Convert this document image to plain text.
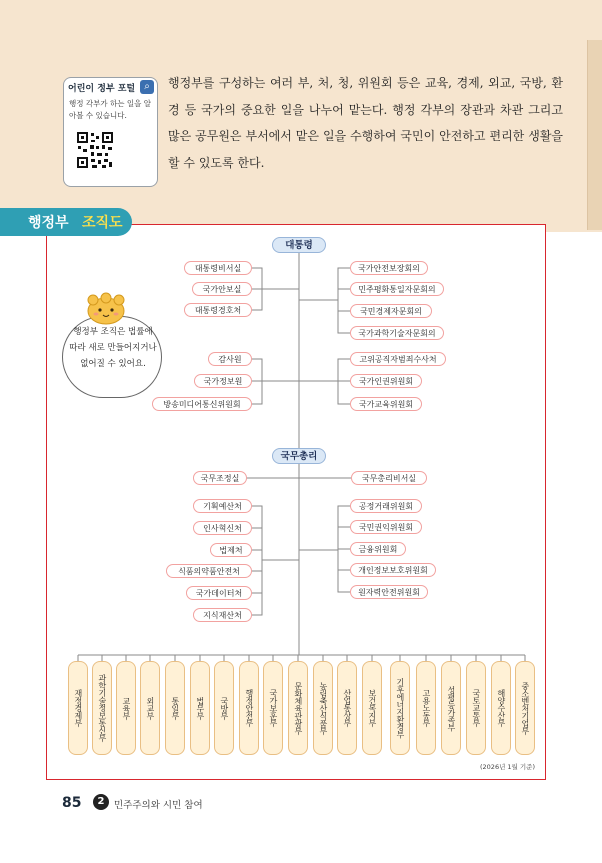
어린이 정부 포털 ⌕
행정 각부가 하는 일을 알아볼 수 있습니다.
행정부를 구성하는 여러 부, 처, 청, 위원회 등은 교육, 경제, 외교, 국방, 환경 등 국가의 중요한 일을 나누어 맡는다. 행정 각부의 장관과 차관 그리고 많은 공무원은 부서에서 맡은 일을 수행하여 국민이 안전하고 편리한 생활을 할 수 있도록 한다.
행정부 조직도
대통령
국무총리
대통령비서실
국가안보실
대통령경호처
국가안전보장회의
민주평화통일자문회의
국민경제자문회의
국가과학기술자문회의
감사원
국가정보원
방송미디어통신위원회
고위공직자범죄수사처
국가인권위원회
국가교육위원회
국무조정실	국무총리비서실
기획예산처
인사혁신처
법제처
식품의약품안전처
국가데이터처
지식재산처
공정거래위원회
국민권익위원회
금융위원회
개인정보보호위원회
원자력안전위원회
재정경제부 과학기술정보통신부 교육부 외교부 통일부 법무부 국방부 행정안전부 국가보훈부 문화체육관광부 농림축산식품부 산업통상부 보건복지부 기후에너지환경부 고용노동부 성평등가족부 국토교통부 해양수산부 중소벤처기업부
(2026년 1월 기준)
행정부 조직은 법률에 따라 새로 만들어지거나 없어질 수 있어요.
85	2	민주주의와 시민 참여
